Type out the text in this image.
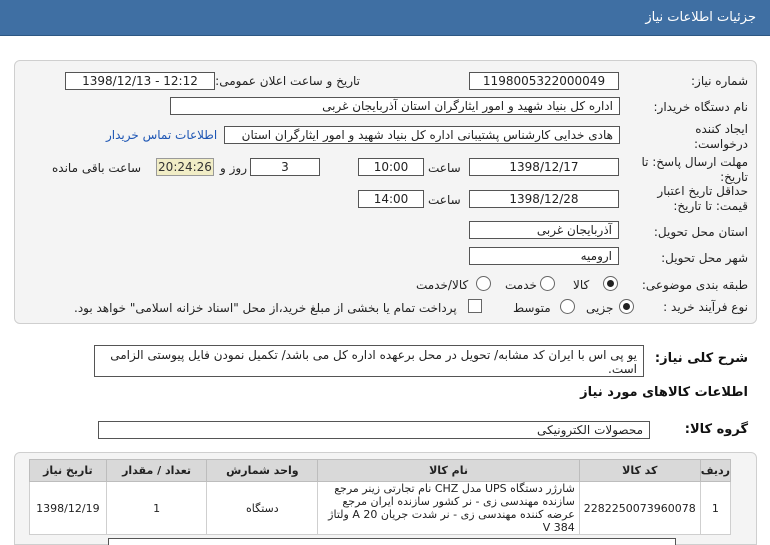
جزئیات اطلاعات نیاز
شماره نیاز:
1198005322000049
تاریخ و ساعت اعلان عمومی:
1398/12/13 - 12:12
نام دستگاه خریدار:
اداره کل بنیاد شهید و امور ایثارگران استان آذربایجان غربی
ایجاد کننده درخواست:
هادی خدایی کارشناس پشتیبانی اداره کل بنیاد شهید و امور ایثارگران استان
اطلاعات تماس خریدار
مهلت ارسال پاسخ: تا تاریخ:
1398/12/17
ساعت
10:00
3
روز و
20:24:26
ساعت باقی مانده
حداقل تاریخ اعتبار قیمت: تا تاریخ:
1398/12/28
ساعت
14:00
استان محل تحویل:
آذربایجان غربی
شهر محل تحویل:
ارومیه
طبقه بندی موضوعی:
کالا
خدمت
کالا/خدمت
نوع فرآیند خرید :
جزیی
متوسط
پرداخت تمام یا بخشی از مبلغ خرید،از محل "اسناد خزانه اسلامی" خواهد بود.
شرح کلی نیاز:
یو پی اس با ایران کد مشابه/ تحویل در محل برعهده اداره کل می باشد/ تکمیل نمودن فایل پیوستی الزامی است.
اطلاعات کالاهای مورد نیاز
گروه کالا:
محصولات الکترونیکی
ردیف	کد کالا	نام کالا	واحد شمارش	تعداد / مقدار	تاریخ نیاز
1	2282250073960078	شارژر دستگاه UPS مدل CHZ نام تجارتی زینر مرجع سازنده مهندسی زی - نر کشور سازنده ایران مرجع عرضه کننده مهندسی زی - نر شدت جریان 20 A ولتاژ 384 V	دستگاه	1	1398/12/19
